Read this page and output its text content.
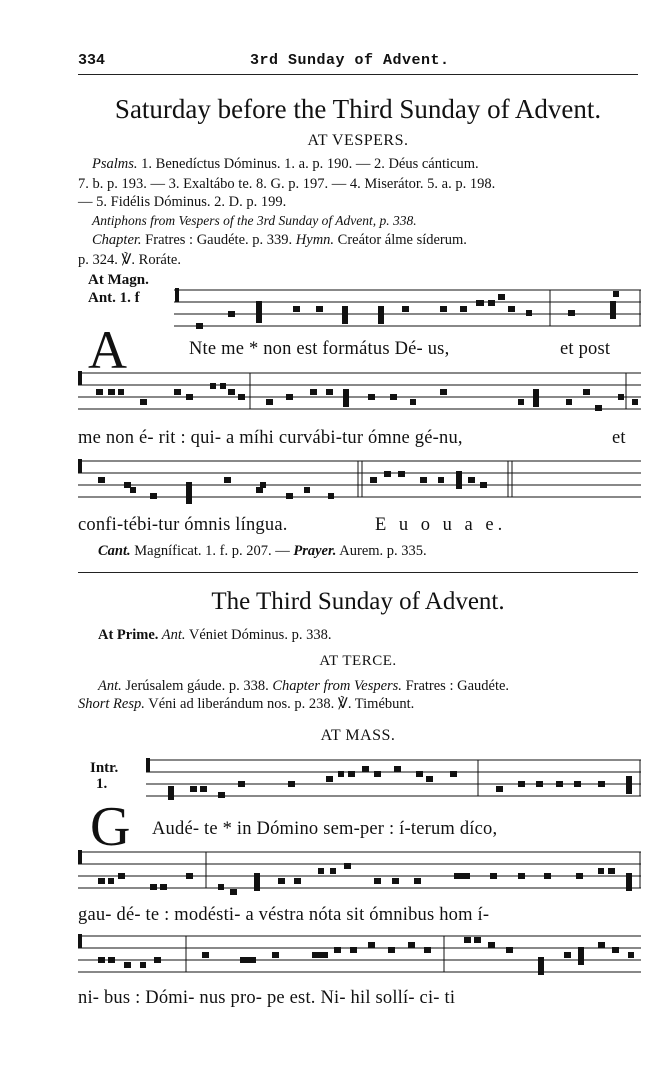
334	3rd Sunday of Advent.
Saturday before the Third Sunday of Advent.
AT VESPERS.
Psalms. 1. Benedíctus Dóminus. 1. a. p. 190. — 2. Déus cánticum.
7. b. p. 193. — 3. Exaltábo te. 8. G. p. 197. — 4. Miserátor. 5. a. p. 198.
— 5. Fidélis Dóminus. 2. D. p. 199.
Antiphons from Vespers of the 3rd Sunday of Advent, p. 338.
Chapter. Fratres : Gaudéte. p. 339. Hymn. Creátor álme síderum.
p. 324. ℣. Roráte.
At Magn.
Ant. 1. f
A	Nte me * non est formátus Dé- us,	et post
me non é- rit : qui- a míhi curvábi-tur ómne gé-nu,	et
confi-tébi-tur ómnis língua.	E u o u a e.
Cant. Magníficat. 1. f. p. 207. — Prayer. Aurem. p. 335.
The Third Sunday of Advent.
At Prime. Ant. Véniet Dóminus. p. 338.
AT TERCE.
Ant. Jerúsalem gáude. p. 338. Chapter from Vespers. Fratres : Gaudéte.
Short Resp. Véni ad liberándum nos. p. 238. ℣. Timébunt.
AT MASS.
Intr.
1.
G Audé- te * in Dómino sem-per : í-terum díco,
gau- dé- te : modésti- a véstra nóta sit ómnibus hom í-
ni- bus : Dómi- nus pro- pe est. Ni- hil sollí- ci- ti
